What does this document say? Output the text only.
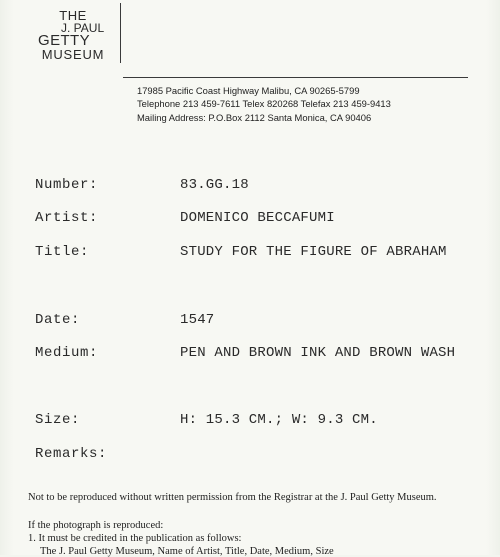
THE
J. PAUL
GETTY
MUSEUM
17985 Pacific Coast Highway Malibu, CA 90265-5799
Telephone 213 459-7611 Telex 820268 Telefax 213 459-9413
Mailing Address: P.O.Box 2112 Santa Monica, CA 90406
Number:	83.GG.18
Artist:	DOMENICO BECCAFUMI
Title:	STUDY FOR THE FIGURE OF ABRAHAM
Date:	1547
Medium:	PEN AND BROWN INK AND BROWN WASH
Size:	H: 15.3 CM.; W: 9.3 CM.
Remarks:
Not to be reproduced without written permission from the Registrar at the J. Paul Getty Museum.
If the photograph is reproduced:
1. It must be credited in the publication as follows:
The J. Paul Getty Museum, Name of Artist, Title, Date, Medium, Size
